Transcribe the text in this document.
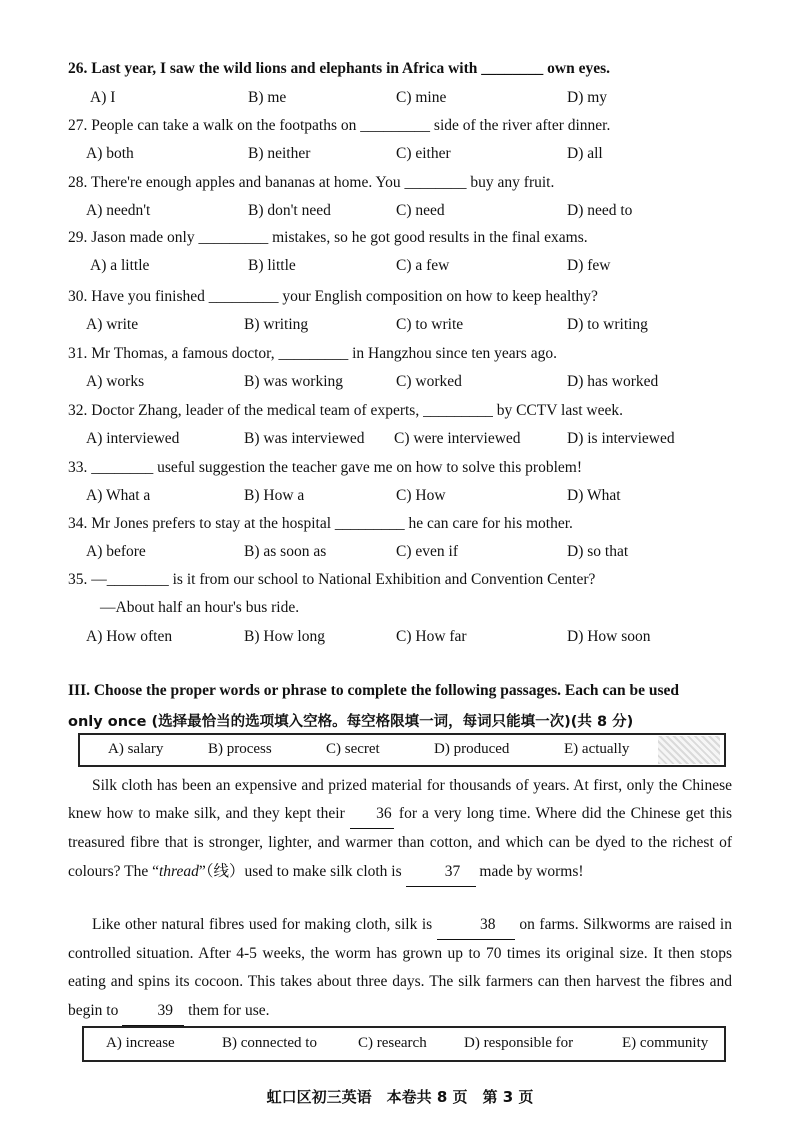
26. Last year, I saw the wild lions and elephants in Africa with ________ own eyes.
A) I	B) me	C) mine	D) my
27. People can take a walk on the footpaths on _________ side of the river after dinner.
A) both	B) neither	C) either	D) all
28. There're enough apples and bananas at home. You ________ buy any fruit.
A) needn't	B) don't need	C) need	D) need to
29. Jason made only _________ mistakes, so he got good results in the final exams.
A) a little	B) little	C) a few	D) few
30. Have you finished _________ your English composition on how to keep healthy?
A) write	B) writing	C) to write	D) to writing
31. Mr Thomas, a famous doctor, _________ in Hangzhou since ten years ago.
A) works	B) was working	C) worked	D) has worked
32. Doctor Zhang, leader of the medical team of experts, _________ by CCTV last week.
A) interviewed	B) was interviewed C) were interviewed	D) is interviewed
33. ________ useful suggestion the teacher gave me on how to solve this problem!
A) What a	B) How a	C) How	D) What
34. Mr Jones prefers to stay at the hospital _________ he can care for his mother.
A) before	B) as soon as	C) even if	D) so that
35. —________ is it from our school to National Exhibition and Convention Center?
—About half an hour's bus ride.
A) How often	B) How long	C) How far	D) How soon
III. Choose the proper words or phrase to complete the following passages. Each can be used
only once (选择最恰当的选项填入空格。每空格限填一词，每词只能填一次)(共 8 分)
A) salary	B) process	C) secret	D) produced	E) actually

Silk cloth has been an expensive and prized material for thousands of years. At first, only the Chinese knew how to make silk, and they kept their 36 for a very long time. Where did the Chinese get this treasured fibre that is stronger, lighter, and warmer than cotton, and which can be dyed to the richest of colours? The “thread”（线）used to make silk cloth is	37 made by worms!

Like other natural fibres used for making cloth, silk is	38 on farms. Silkworms are raised in controlled situation. After 4-5 weeks, the worm has grown up to 70 times its original size. It then stops eating and spins its cocoon. This takes about three days. The silk farmers can then harvest the fibres and begin to 39 them for use.

A) increase	B) connected to	C) research D) responsible for	E) community
虹口区初三英语　本卷共 8 页　第 3 页
